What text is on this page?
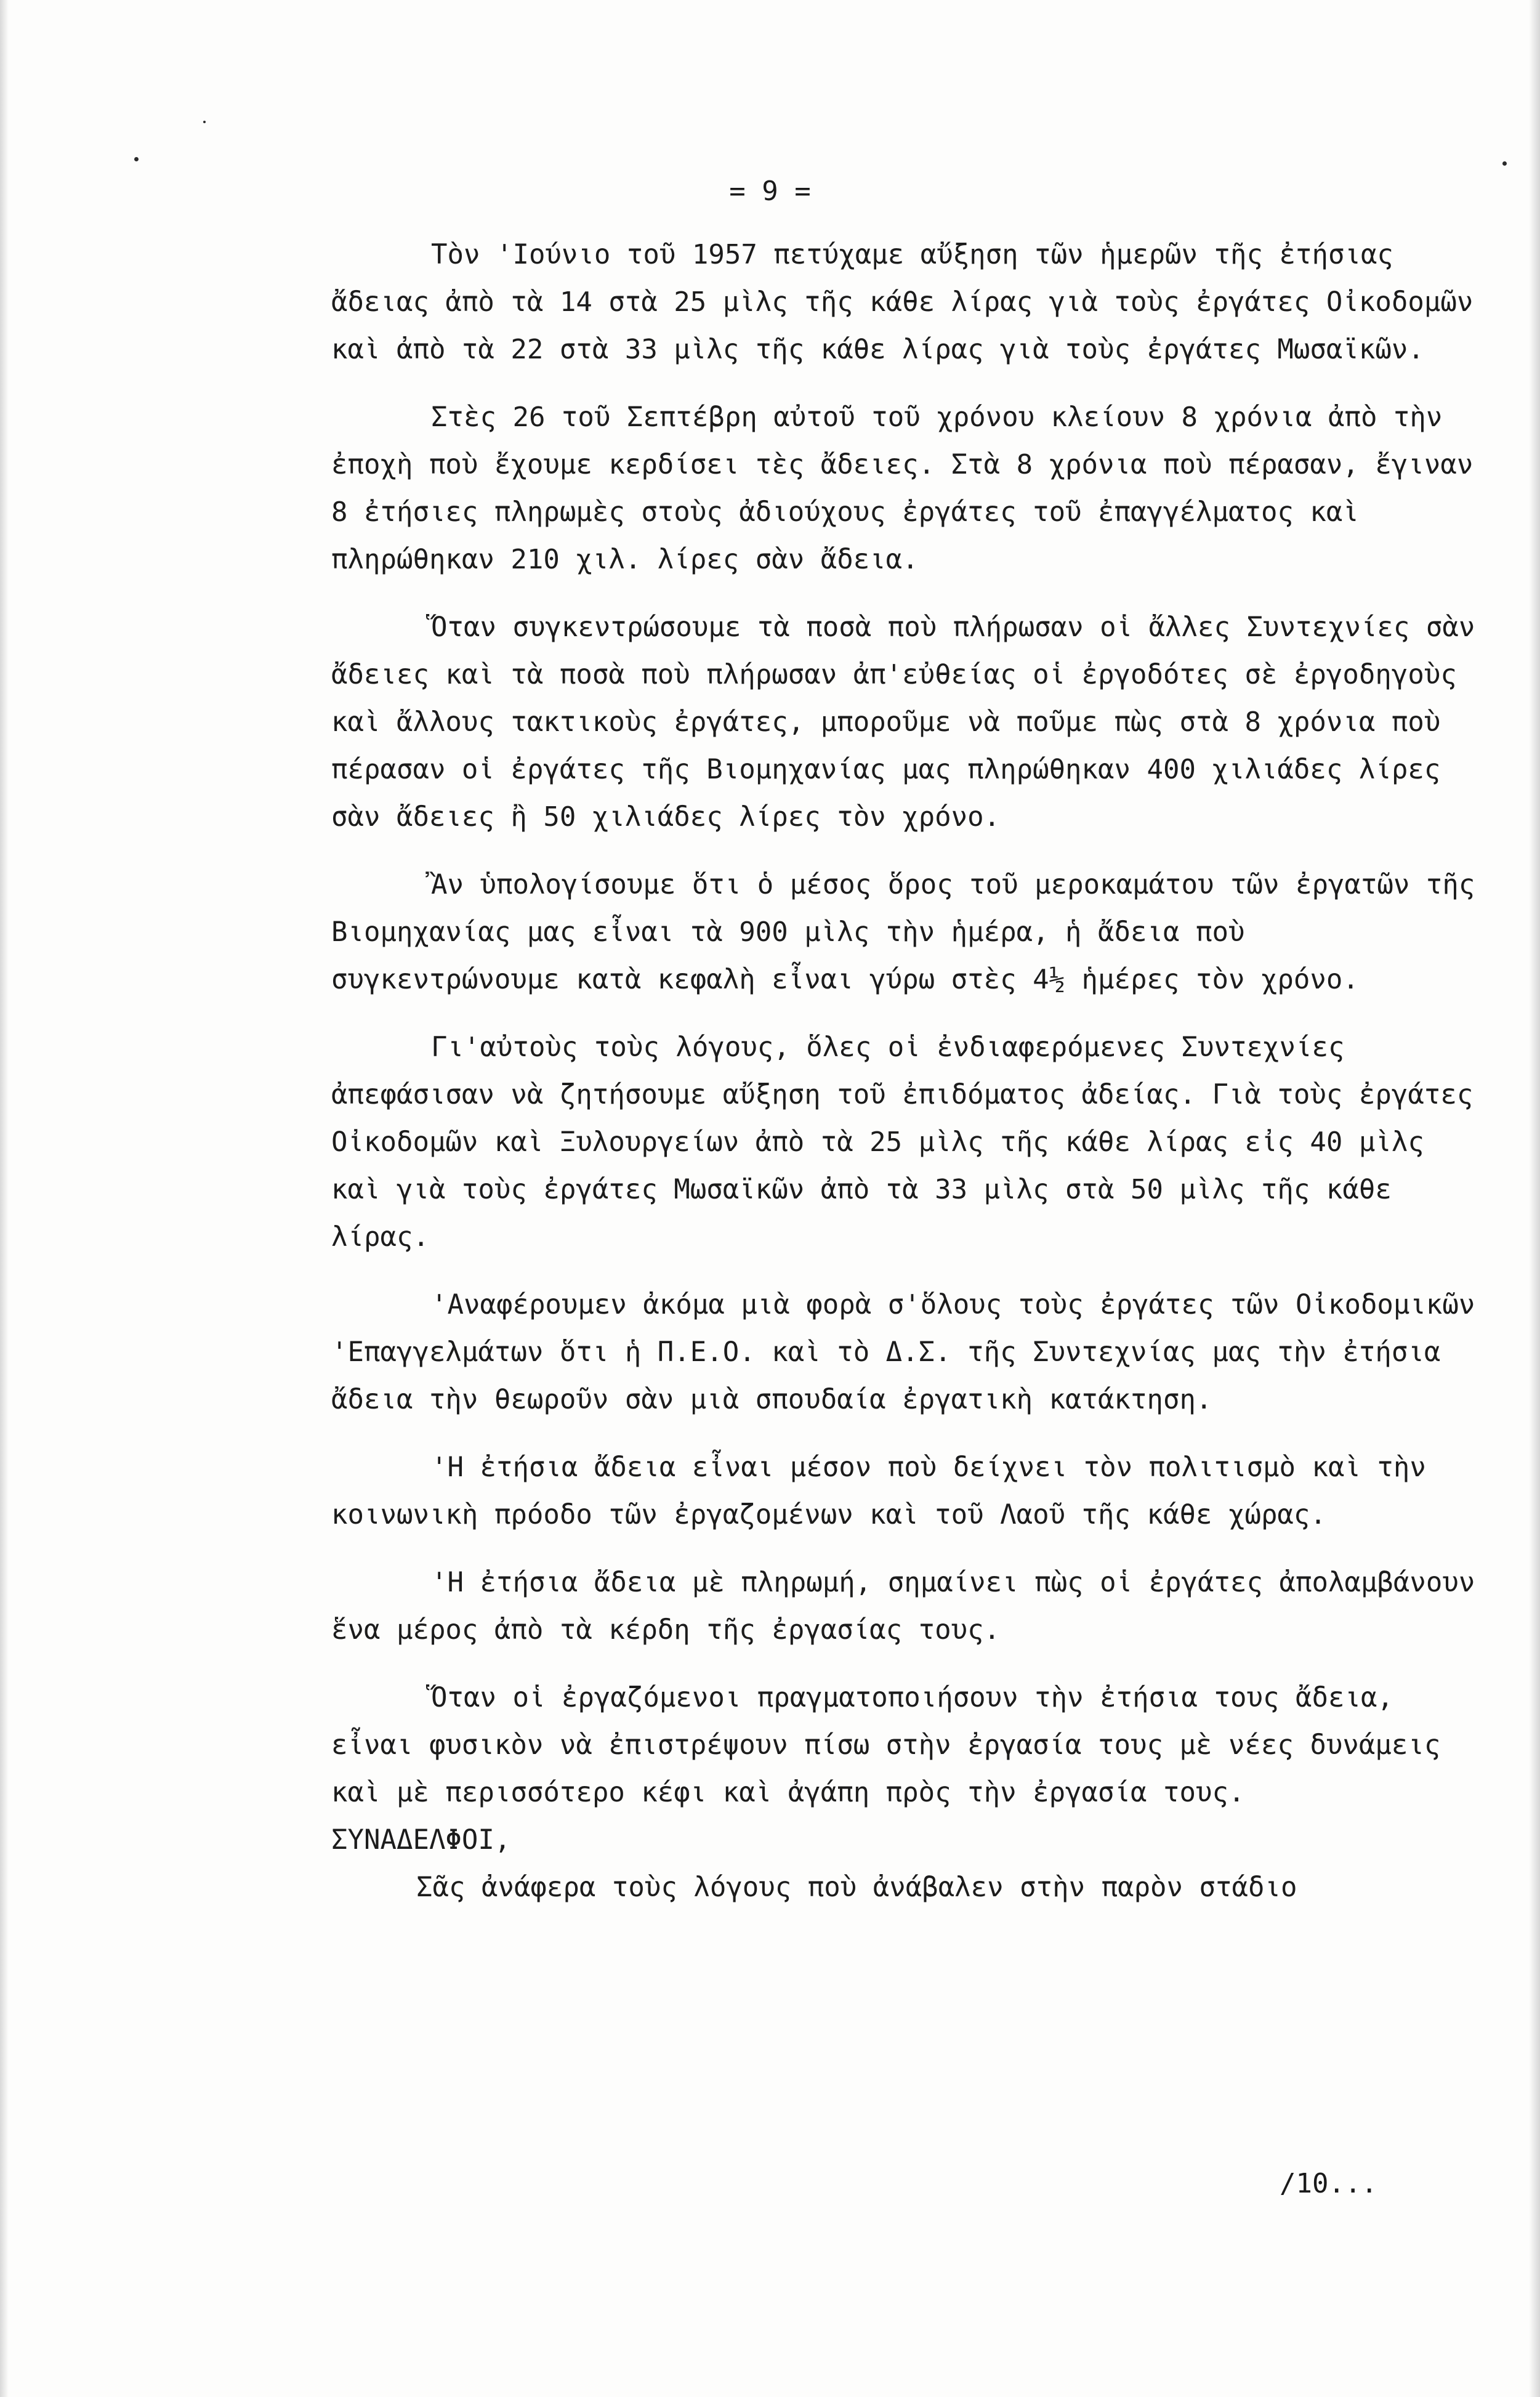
= 9 =

Τὸν 'Ιούνιο τοῦ 1957 πετύχαμε αὔξηση τῶν ἡμερῶν τῆς ἐτήσιας ἄδειας ἀπὸ τὰ 14 στὰ 25 μὶλς τῆς κάθε λίρας γιὰ τοὺς ἐργάτες Οἰκοδομῶν καὶ ἀπὸ τὰ 22 στὰ 33 μὶλς τῆς κάθε λίρας γιὰ τοὺς ἐργάτες Μωσαϊκῶν.

Στὲς 26 τοῦ Σεπτέβρη αὐτοῦ τοῦ χρόνου κλείουν 8 χρόνια ἀπὸ τὴν ἐποχὴ ποὺ ἔχουμε κερδίσει τὲς ἄδειες. Στὰ 8 χρόνια ποὺ πέρασαν, ἔγιναν 8 ἐτήσιες πληρωμὲς στοὺς ἀδιούχους ἐργάτες τοῦ ἐπαγγέλματος καὶ πληρώθηκαν 210 χιλ. λίρες σὰν ἄδεια.

Ὅταν συγκεντρώσουμε τὰ ποσὰ ποὺ πλήρωσαν οἱ ἄλλες Συντεχνίες σὰν ἄδειες καὶ τὰ ποσὰ ποὺ πλήρωσαν ἀπ'εὐθείας οἱ ἐργοδότες σὲ ἐργοδηγοὺς καὶ ἄλλους τακτικοὺς ἐργάτες, μποροῦμε νὰ ποῦμε πὼς στὰ 8 χρόνια ποὺ πέρασαν οἱ ἐργάτες τῆς Βιομηχανίας μας πληρώθηκαν 400 χιλιάδες λίρες σὰν ἄδειες ἢ 50 χιλιάδες λίρες τὸν χρόνο.

Ἂν ὑπολογίσουμε ὅτι ὁ μέσος ὅρος τοῦ μεροκαμάτου τῶν ἐργατῶν τῆς Βιομηχανίας μας εἶναι τὰ 900 μὶλς τὴν ἡμέρα, ἡ ἄδεια ποὺ συγκεντρώνουμε κατὰ κεφαλὴ εἶναι γύρω στὲς 4½ ἡμέρες τὸν χρόνο.

Γι'αὐτοὺς τοὺς λόγους, ὅλες οἱ ἐνδιαφερόμενες Συντεχνίες ἀπεφάσισαν νὰ ζητήσουμε αὔξηση τοῦ ἐπιδόματος ἀδείας. Γιὰ τοὺς ἐργάτες Οἰκοδομῶν καὶ Ξυλουργείων ἀπὸ τὰ 25 μὶλς τῆς κάθε λίρας εἰς 40 μὶλς καὶ γιὰ τοὺς ἐργάτες Μωσαϊκῶν ἀπὸ τὰ 33 μὶλς στὰ 50 μὶλς τῆς κάθε λίρας.

'Αναφέρουμεν ἀκόμα μιὰ φορὰ σ'ὅλους τοὺς ἐργάτες τῶν Οἰκοδομικῶν 'Επαγγελμάτων ὅτι ἡ Π.Ε.Ο. καὶ τὸ Δ.Σ. τῆς Συντεχνίας μας τὴν ἐτήσια ἄδεια τὴν θεωροῦν σὰν μιὰ σπουδαία ἐργατικὴ κατάκτηση.

'Η ἐτήσια ἄδεια εἶναι μέσον ποὺ δείχνει τὸν πολιτισμὸ καὶ τὴν κοινωνικὴ πρόοδο τῶν ἐργαζομένων καὶ τοῦ Λαοῦ τῆς κάθε χώρας.

'Η ἐτήσια ἄδεια μὲ πληρωμή, σημαίνει πὼς οἱ ἐργάτες ἀπολαμβάνουν ἕνα μέρος ἀπὸ τὰ κέρδη τῆς ἐργασίας τους.

Ὅταν οἱ ἐργαζόμενοι πραγματοποιήσουν τὴν ἐτήσια τους ἄδεια, εἶναι φυσικὸν νὰ ἐπιστρέψουν πίσω στὴν ἐργασία τους μὲ νέες δυνάμεις καὶ μὲ περισσότερο κέφι καὶ ἀγάπη πρὸς τὴν ἐργασία τους.

ΣΥΝΑΔΕΛΦΟΙ,

Σᾶς ἀνάφερα τοὺς λόγους ποὺ ἀνάβαλεν στὴν παρὸν στάδιο

/10...
